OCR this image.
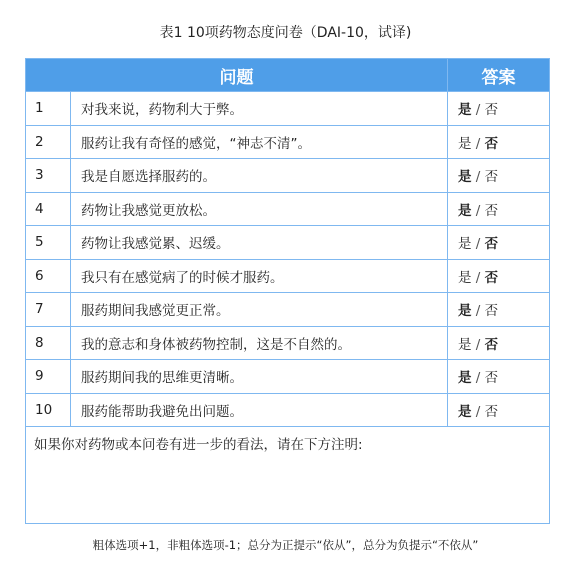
表1 10项药物态度问卷（DAI-10，试译)
问题		答案
1	对我来说，药物利大于弊。	是 / 否
2	服药让我有奇怪的感觉，“神志不清”。	是 / 否
3	我是自愿选择服药的。	是 / 否
4	药物让我感觉更放松。	是 / 否
5	药物让我感觉累、迟缓。	是 / 否
6	我只有在感觉病了的时候才服药。	是 / 否
7	服药期间我感觉更正常。	是 / 否
8	我的意志和身体被药物控制，这是不自然的。	是 / 否
9	服药期间我的思维更清晰。	是 / 否
10	服药能帮助我避免出问题。	是 / 否
如果你对药物或本问卷有进一步的看法，请在下方注明:		
粗体选项+1，非粗体选项-1；总分为正提示“依从”，总分为负提示“不依从”
